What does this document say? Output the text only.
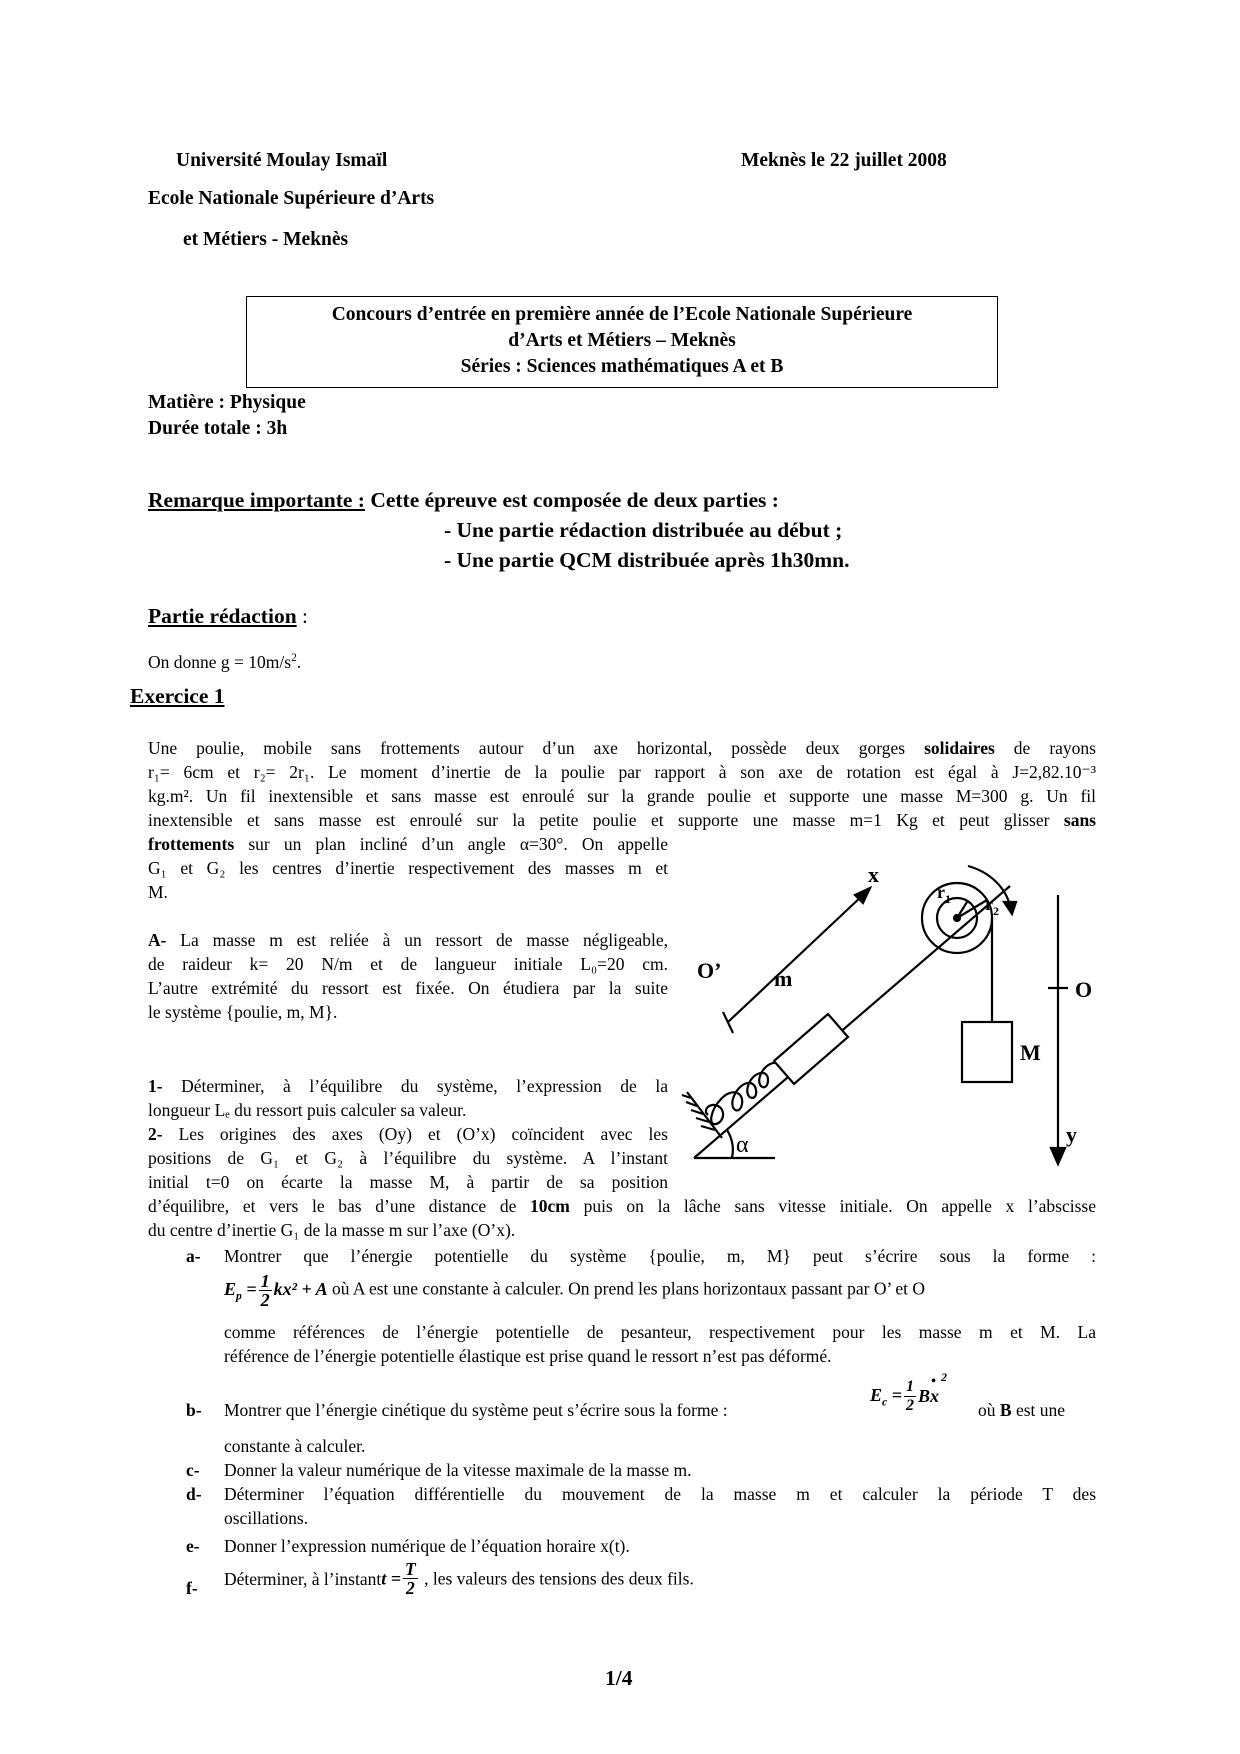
Université Moulay Ismaïl	Meknès le 22 juillet 2008
Ecole Nationale Supérieure d’Arts
et Métiers - Meknès
Concours d’entrée en première année de l’Ecole Nationale Supérieure
d’Arts et Métiers – Meknès
Séries : Sciences mathématiques A et B
Matière : Physique
Durée totale : 3h
Remarque importante : Cette épreuve est composée de deux parties :
- Une partie rédaction distribuée au début ;
- Une partie QCM distribuée après 1h30mn.
Partie rédaction :
On donne $g = 10m/s^2$.
Exercice 1
Une poulie, mobile sans frottements autour d’un axe horizontal, possède deux gorges solidaires de rayons
r₁= 6cm et r₂= 2r₁. Le moment d’inertie de la poulie par rapport à son axe de rotation est égal à J=2,82.10⁻³
kg.m². Un fil inextensible et sans masse est enroulé sur la grande poulie et supporte une masse M=300 g. Un fil
inextensible et sans masse est enroulé sur la petite poulie et supporte une masse m=1 Kg et peut glisser sans
frottements sur un plan incliné d’un angle α=30°. On appelle
G₁ et G₂ les centres d’inertie respectivement des masses m et
M.
A- La masse m est reliée à un ressort de masse négligeable,
de raideur k= 20 N/m et de langueur initiale L₀=20 cm.
L’autre extrémité du ressort est fixée. On étudiera par la suite
le système {poulie, m, M}.
1- Déterminer, à l’équilibre du système, l’expression de la
longueur Lₑ du ressort puis calculer sa valeur.
2- Les origines des axes (Oy) et (O’x) coïncident avec les
positions de G₁ et G₂ à l’équilibre du système. A l’instant
initial t=0 on écarte la masse M, à partir de sa position
d’équilibre, et vers le bas d’une distance de 10cm puis on la lâche sans vitesse initiale. On appelle x l’abscisse
du centre d’inertie G₁ de la masse m sur l’axe (O’x).
a- Montrer que l’énergie potentielle du système {poulie, m, M} peut s’écrire sous la forme :
$E_p = \frac{1}{2} kx^2 + A$ où A est une constante à calculer. On prend les plans horizontaux passant par O’ et O
comme références de l’énergie potentielle de pesanteur, respectivement pour les masse m et M. La
référence de l’énergie potentielle élastique est prise quand le ressort n’est pas déformé.
b- Montrer que l’énergie cinétique du système peut s’écrire sous la forme :
$E_c = \frac{1}{2}$ Bx
• 2
où B est une
constante à calculer.
c- Donner la valeur numérique de la vitesse maximale de la masse m.
d- Déterminer l’équation différentielle du mouvement de la masse m et calculer la période T des
oscillations.
e- Donner l’expression numérique de l’équation horaire x(t).
f- Déterminer, à l’instantt = $\frac{T}{2}$ , les valeurs des tensions des deux fils.
1/4
x
O’ m
$r_1$ $r_2$
O
M
y
α
